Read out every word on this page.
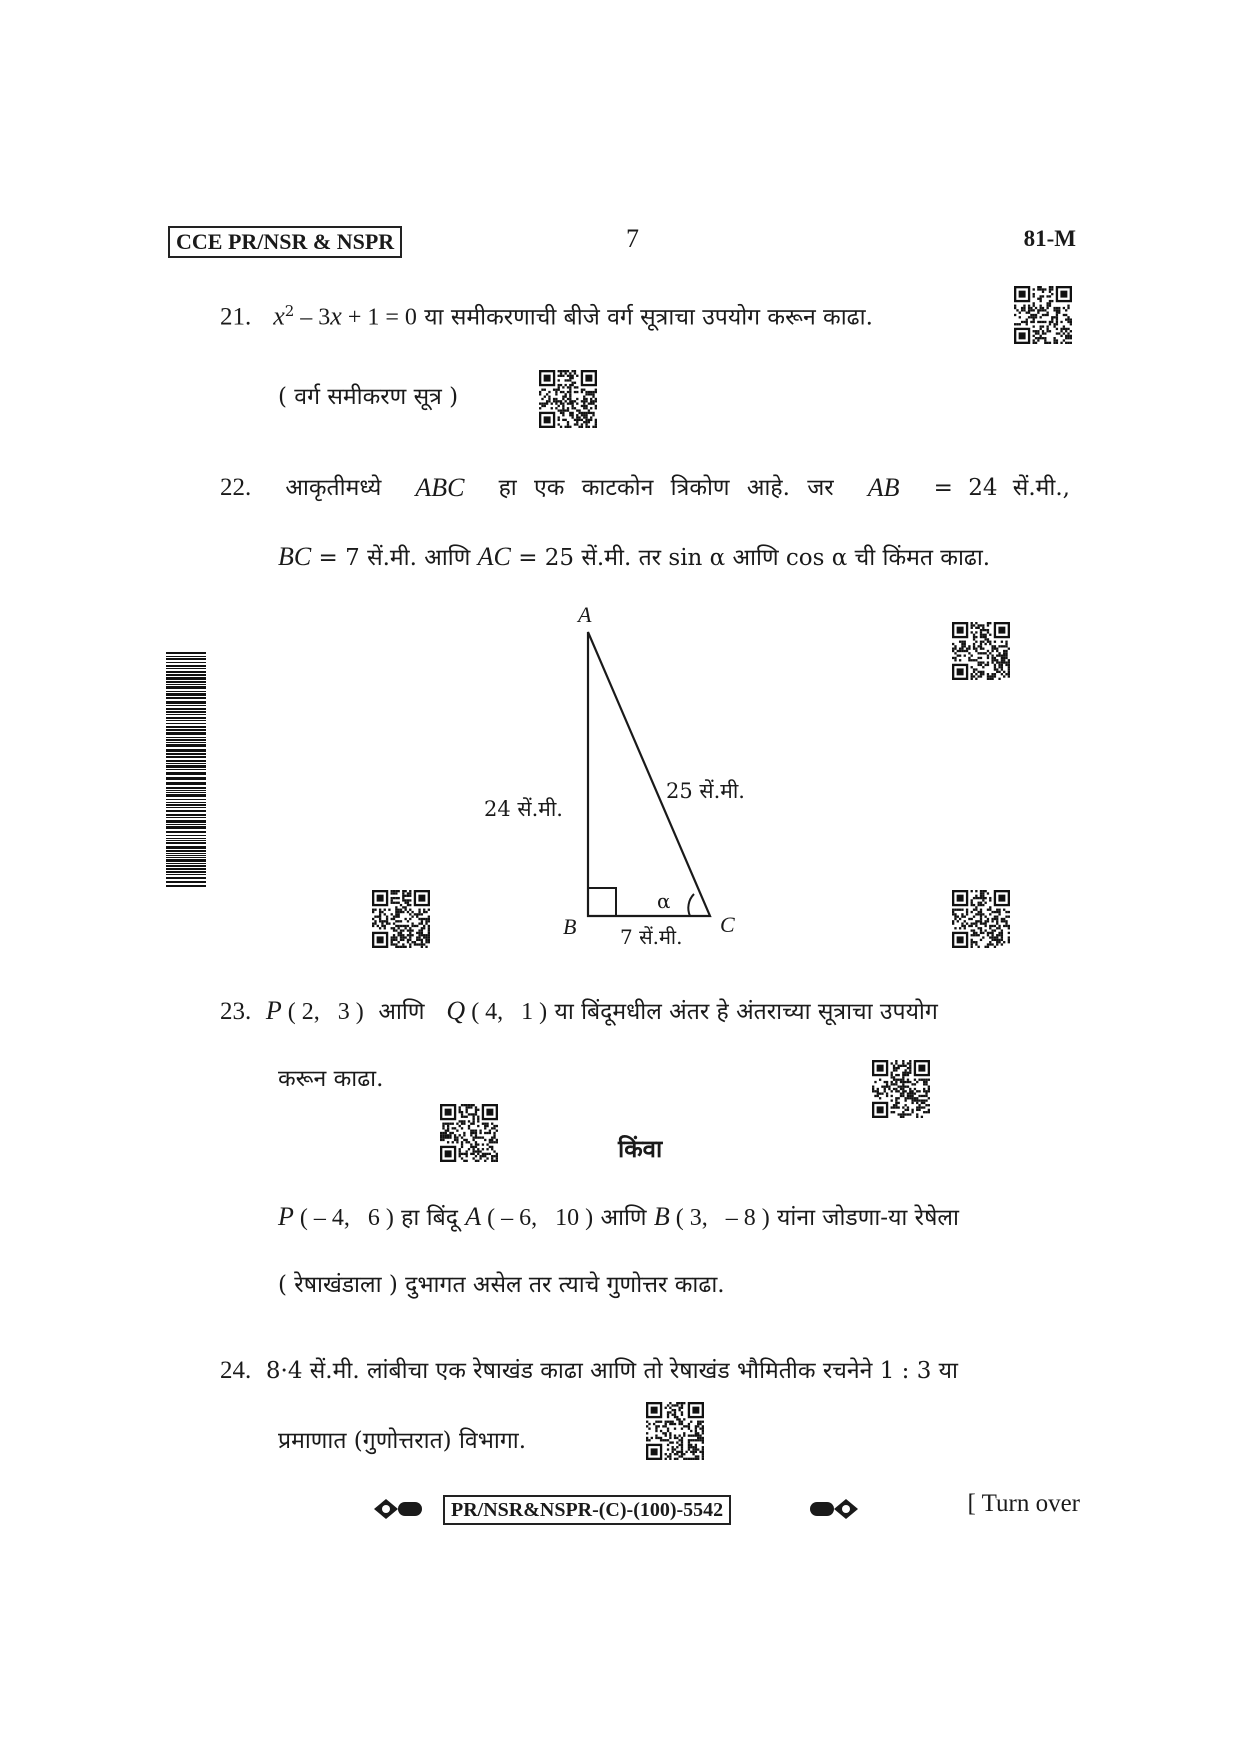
CCE PR/NSR & NSPR	7	81-M
21. $x^2 - 3x + 1 = 0$ या समीकरणाची बीजे वर्ग सूत्राचा उपयोग करून काढा.
( वर्ग समीकरण सूत्र )
22. आकृतीमध्ये ABC हा एक काटकोन त्रिकोण आहे. जर AB = 24 सें.मी.,
BC = 7 सें.मी. आणि AC = 25 सें.मी. तर sin α आणि cos α ची किंमत काढा.
A
B	C
24 सें.मी.
25 सें.मी.
7 सें.मी.
α
23. P ( 2,   3 )  आणि   Q ( 4,   1 ) या बिंदूमधील अंतर हे अंतराच्या सूत्राचा उपयोग
करून काढा.
किंवा
P ( – 4,   6 ) हा बिंदू A ( – 6,   10 ) आणि B ( 3,   – 8 ) यांना जोडणा-या रेषेला
( रेषाखंडाला ) दुभागत असेल तर त्याचे गुणोत्तर काढा.
24. 8·4 सें.मी. लांबीचा एक रेषाखंड काढा आणि तो रेषाखंड भौमितीक रचनेने 1 : 3 या
प्रमाणात (गुणोत्तरात) विभागा.
PR/NSR&NSPR-(C)-(100)-5542	[ Turn over
